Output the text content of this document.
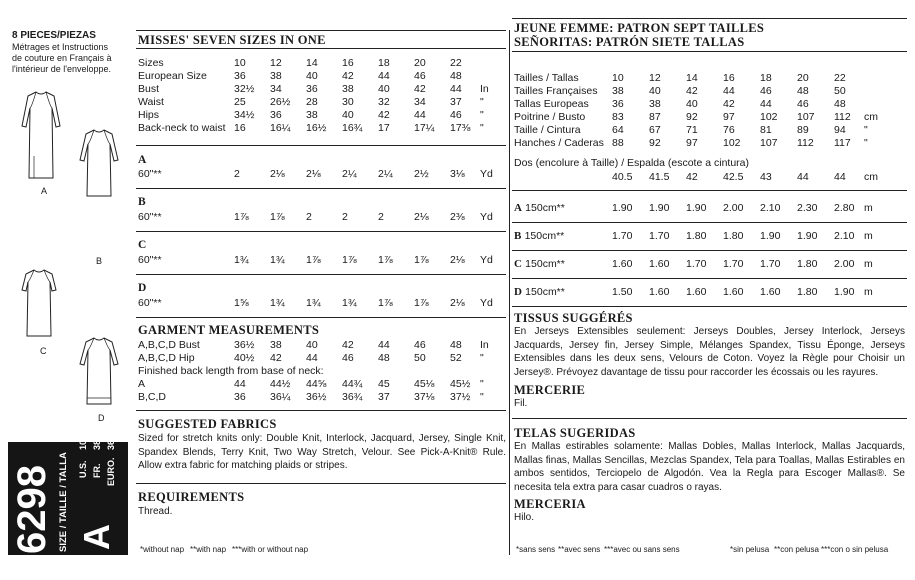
8 PIECES/PIEZAS
Métrages et Instructions
de couture en Français à
l'intérieur de l'enveloppe.
A
B
C
D
6298 SIZE / TAILLE / TALLA A
U.S.
10-22
FR.
38-50
EURO.
36-48
MISSES' SEVEN SIZES IN ONE
Sizes	10	12	14	16	18	20	22	
European Size	36	38	40	42	44	46	48	
Bust	32½	34	36	38	40	42	44	In
Waist	25	26½	28	30	32	34	37	"
Hips	34½	36	38	40	42	44	46	"
Back-neck to waist	16	16¼	16½	16¾	17	17¼	17⅜	"
A
60"**	2	2⅛	2⅛	2¼	2¼	2½	3⅛	Yd
B
60"**	1⅞	1⅞	2	2	2	2⅛	2⅜	Yd
C
60"**	1¾	1¾	1⅞	1⅞	1⅞	1⅞	2⅛	Yd
D
60"**	1⅝	1¾	1¾	1¾	1⅞	1⅞	2⅛	Yd
GARMENT MEASUREMENTS
A,B,C,D Bust	36½	38	40	42	44	46	48	In
A,B,C,D Hip	40½	42	44	46	48	50	52	"
Finished back length from base of neck:								
A	44	44½	44⅝	44¾	45	45⅛	45½	"
B,C,D	36	36¼	36½	36¾	37	37⅛	37½	"
SUGGESTED FABRICS
Sized for stretch knits only: Double Knit, Interlock, Jacquard, Jersey, Single Knit, Spandex Blends, Terry Knit, Two Way Stretch, Velour. See Pick-A-Knit® Rule. Allow extra fabric for matching plaids or stripes.
REQUIREMENTS
Thread.
*without nap **with nap ***with or without nap
JEUNE FEMME: PATRON SEPT TAILLES
SEÑORITAS: PATRÓN SIETE TALLAS
Tailles / Tallas	10	12	14	16	18	20	22	
Tailles Françaises	38	40	42	44	46	48	50	
Tallas Europeas	36	38	40	42	44	46	48	
Poitrine / Busto	83	87	92	97	102	107	112	cm
Taille / Cintura	64	67	71	76	81	89	94	"
Hanches / Caderas	88	92	97	102	107	112	117	"
Dos (encolure à Taille) / Espalda (escote a cintura)
40.5	41.5	42	42.5	43	44	44	cm
A 150cm**	1.90	1.90	1.90	2.00	2.10	2.30	2.80	m
B 150cm**	1.70	1.70	1.80	1.80	1.90	1.90	2.10	m
C 150cm**	1.60	1.60	1.70	1.70	1.70	1.80	2.00	m
D 150cm**	1.50	1.60	1.60	1.60	1.60	1.80	1.90	m
TISSUS SUGGÉRÉS
En Jerseys Extensibles seulement: Jerseys Doubles, Jersey Interlock, Jerseys Jacquards, Jersey fin, Jersey Simple, Mélanges Spandex, Tissu Éponge, Jerseys Extensibles dans les deux sens, Velours de Coton. Voyez la Règle pour Choisir un Jersey®. Prévoyez davantage de tissu pour raccorder les écossais ou les rayures.
MERCERIE
Fil.
TELAS SUGERIDAS
En Mallas estirables solamente: Mallas Dobles, Mallas Interlock, Mallas Jacquards, Mallas finas, Mallas Sencillas, Mezclas Spandex, Tela para Toallas, Mallas Estirables en ambos sentidos, Terciopelo de Algodón. Vea la Regla para Escoger Mallas®. Se necesita tela extra para casar cuadros o rayas.
MERCERIA
Hilo.
*sans sens **avec sens ***avec ou sans sens	*sin pelusa **con pelusa ***con o sin pelusa
